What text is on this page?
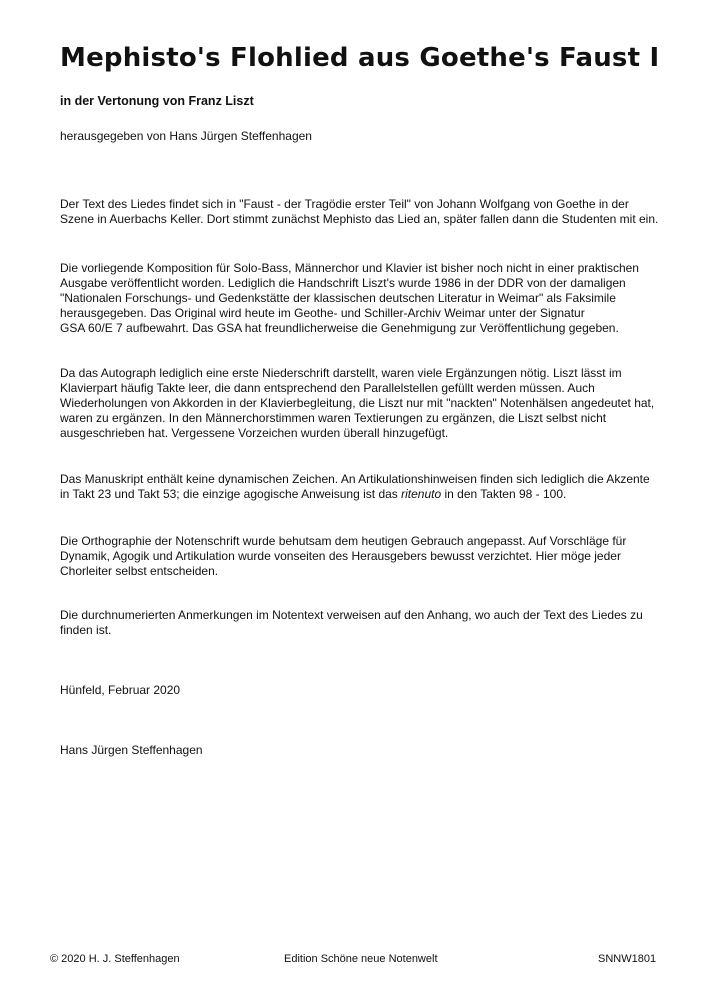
Mephisto's Flohlied aus Goethe's Faust I
in der Vertonung von Franz Liszt
herausgegeben von Hans Jürgen Steffenhagen

Der Text des Liedes findet sich in "Faust - der Tragödie erster Teil" von Johann Wolfgang von Goethe in der Szene in Auerbachs Keller. Dort stimmt zunächst Mephisto das Lied an, später fallen dann die Studenten mit ein.

Die vorliegende Komposition für Solo-Bass, Männerchor und Klavier ist bisher noch nicht in einer praktischen Ausgabe veröffentlicht worden. Lediglich die Handschrift Liszt's wurde 1986 in der DDR von der damaligen "Nationalen Forschungs- und Gedenkstätte der klassischen deutschen Literatur in Weimar" als Faksimile herausgegeben. Das Original wird heute im Geothe- und Schiller-Archiv Weimar unter der Signatur
GSA 60/E 7 aufbewahrt. Das GSA hat freundlicherweise die Genehmigung zur Veröffentlichung gegeben.

Da das Autograph lediglich eine erste Niederschrift darstellt, waren viele Ergänzungen nötig. Liszt lässt im Klavierpart häufig Takte leer, die dann entsprechend den Parallelstellen gefüllt werden müssen. Auch Wiederholungen von Akkorden in der Klavierbegleitung, die Liszt nur mit "nackten" Notenhälsen angedeutet hat, waren zu ergänzen. In den Männerchorstimmen waren Textierungen zu ergänzen, die Liszt selbst nicht ausgeschrieben hat. Vergessene Vorzeichen wurden überall hinzugefügt.

Das Manuskript enthält keine dynamischen Zeichen. An Artikulationshinweisen finden sich lediglich die Akzente in Takt 23 und Takt 53; die einzige agogische Anweisung ist das ritenuto in den Takten 98 - 100.

Die Orthographie der Notenschrift wurde behutsam dem heutigen Gebrauch angepasst. Auf Vorschläge für Dynamik, Agogik und Artikulation wurde vonseiten des Herausgebers bewusst verzichtet. Hier möge jeder Chorleiter selbst entscheiden.

Die durchnumerierten Anmerkungen im Notentext verweisen auf den Anhang, wo auch der Text des Liedes zu finden ist.

Hünfeld, Februar 2020
Hans Jürgen Steffenhagen
© 2020 H. J. Steffenhagen	Edition Schöne neue Notenwelt	SNNW1801
